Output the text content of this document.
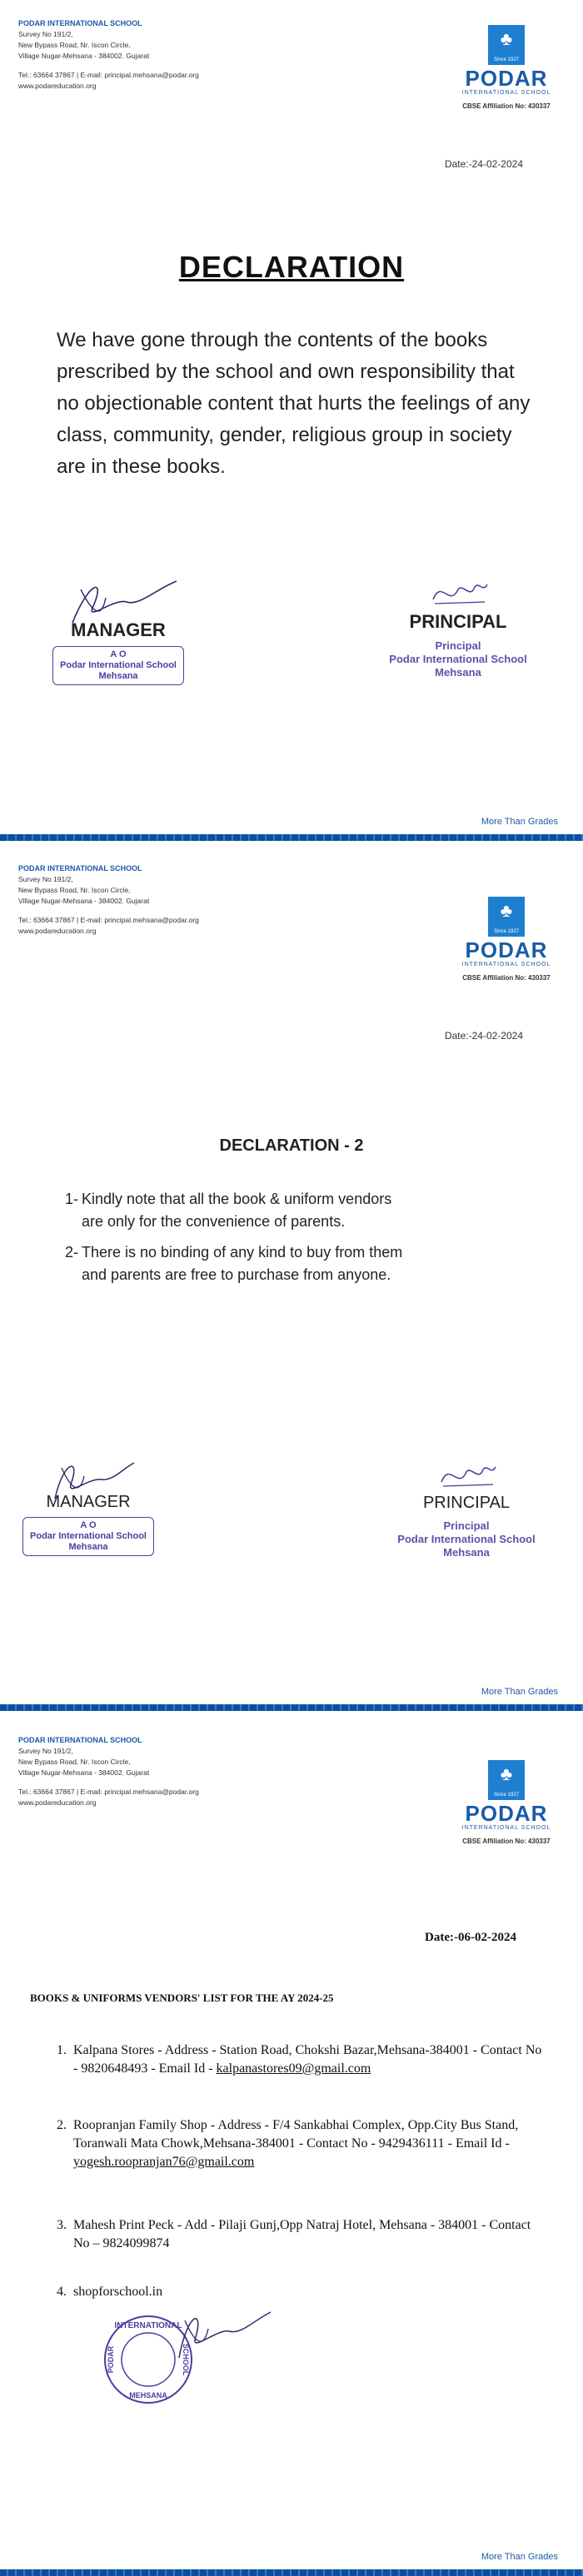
PODAR INTERNATIONAL SCHOOL
Survey No 191/2,
New Bypass Road, Nr. Iscon Circle,
Village Nugar-Mehsana - 384002. Gujarat
Tel.: 63664 37867 | E-mail: principal.mehsana@podar.org
www.podareducation.org
♣
Since 1927
PODAR
INTERNATIONAL SCHOOL
CBSE Affiliation No: 430337
Date:-24-02-2024
DECLARATION
We have gone through the contents of the books prescribed by the school and own responsibility that no objectionable content that hurts the feelings of any class, community, gender, religious group in society are in these books.
MANAGER
A O
Podar International School
Mehsana
PRINCIPAL
Principal
Podar International School
Mehsana
More Than Grades
PODAR INTERNATIONAL SCHOOL
Survey No 191/2,
New Bypass Road, Nr. Iscon Circle,
Village Nugar-Mehsana - 384002. Gujarat
Tel.: 63664 37867 | E-mail: principal.mehsana@podar.org
www.podareducation.org
♣
Since 1927
PODAR
INTERNATIONAL SCHOOL
CBSE Affiliation No: 430337
Date:-24-02-2024
DECLARATION - 2
1- Kindly note that all the book & uniform vendors
are only for the convenience of parents.
2- There is no binding of any kind to buy from them
and parents are free to purchase from anyone.
MANAGER
A O
Podar International School
Mehsana
PRINCIPAL
Principal
Podar International School
Mehsana
More Than Grades
PODAR INTERNATIONAL SCHOOL
Survey No 191/2,
New Bypass Road, Nr. Iscon Circle,
Village Nugar-Mehsana - 384002. Gujarat
Tel.: 63664 37867 | E-mail: principal.mehsana@podar.org
www.podareducation.org
♣
Since 1927
PODAR
INTERNATIONAL SCHOOL
CBSE Affiliation No: 430337
Date:-06-02-2024
BOOKS & UNIFORMS VENDORS' LIST FOR THE AY 2024-25
1. Kalpana Stores - Address - Station Road, Chokshi Bazar,Mehsana-384001 - Contact No - 9820648493 - Email Id - kalpanastores09@gmail.com
2. Roopranjan Family Shop - Address - F/4 Sankabhai Complex, Opp.City Bus Stand, Toranwali Mata Chowk,Mehsana-384001 - Contact No - 9429436111 - Email Id - yogesh.roopranjan76@gmail.com
3. Mahesh Print Peck - Add - Pilaji Gunj,Opp Natraj Hotel, Mehsana - 384001 - Contact No – 9824099874
4. shopforschool.in
INTERNATIONAL
PODAR	SCHOOL
MEHSANA
More Than Grades
